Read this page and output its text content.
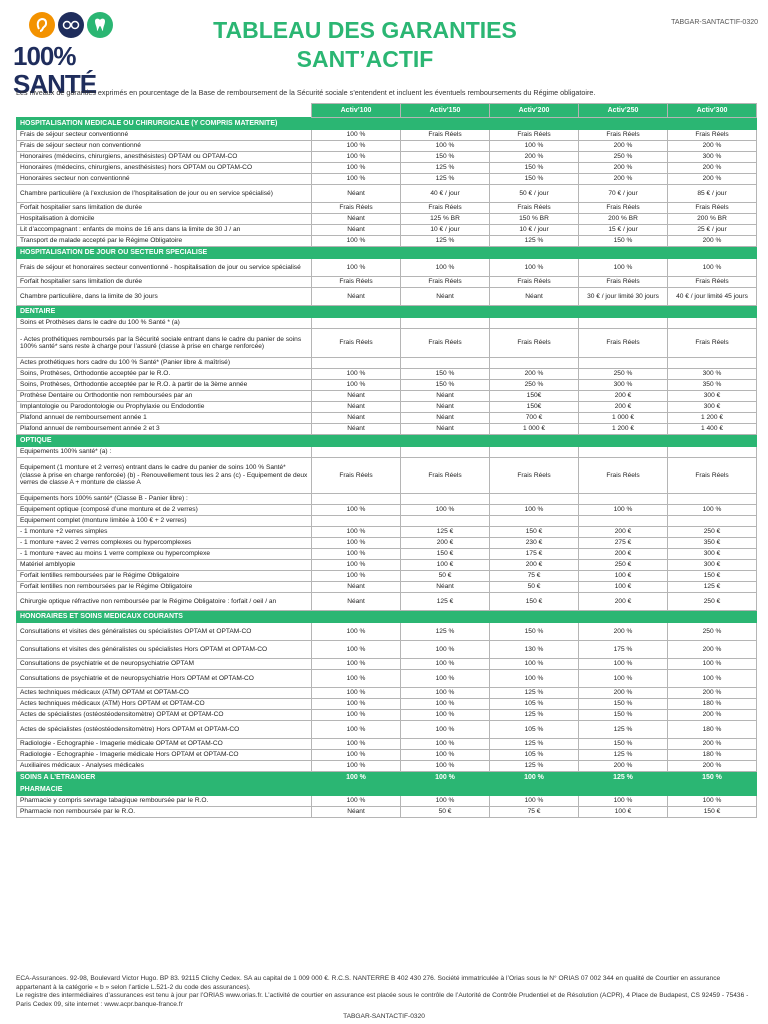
100% SANTÉ
TABLEAU DES GARANTIES
SANT’ACTIF
TABGAR-SANTACTIF-0320
Les niveaux de garanties exprimés en pourcentage de la Base de remboursement de la Sécurité sociale s’entendent et incluent les éventuels remboursements du Régime obligatoire.
	Activ’100	Activ’150	Activ’200	Activ’250	Activ’300
HOSPITALISATION MEDICALE OU CHIRURGICALE (Y COMPRIS MATERNITE)					
Frais de séjour secteur conventionné	100 %	Frais Réels	Frais Réels	Frais Réels	Frais Réels
Frais de séjour secteur non conventionné	100 %	100 %	100 %	200 %	200 %
Honoraires (médecins, chirurgiens, anesthésistes) OPTAM ou OPTAM-CO	100 %	150 %	200 %	250 %	300 %
Honoraires (médecins, chirurgiens, anesthésistes) hors OPTAM ou OPTAM-CO	100 %	125 %	150 %	200 %	200 %
Honoraires secteur non conventionné	100 %	125 %	150 %	200 %	200 %
Chambre particulière (à l’exclusion de l’hospitalisation de jour ou en service spécialisé)	Néant	40 € / jour	50 € / jour	70 € / jour	85 € / jour
Forfait hospitalier sans limitation de durée	Frais Réels	Frais Réels	Frais Réels	Frais Réels	Frais Réels
Hospitalisation à domicile	Néant	125 % BR	150 % BR	200 % BR	200 % BR
Lit d’accompagnant : enfants de moins de 16 ans dans la limite de 30 J / an	Néant	10 € / jour	10 € / jour	15 € / jour	25 € / jour
Transport de malade accepté par le Régime Obligatoire	100 %	125 %	125 %	150 %	200 %
HOSPITALISATION DE JOUR OU SECTEUR SPECIALISE					
Frais de séjour et honoraires secteur conventionné - hospitalisation de jour ou service spécialisé	100 %	100 %	100 %	100 %	100 %
Forfait hospitalier sans limitation de durée	Frais Réels	Frais Réels	Frais Réels	Frais Réels	Frais Réels
Chambre particulière, dans la limite de 30 jours	Néant	Néant	Néant	30 € / jour limité 30 jours	40 € / jour limité 45 jours
DENTAIRE					
Soins et Prothèses dans le cadre du 100 % Santé * (a)					
- Actes prothétiques remboursés par la Sécurité sociale entrant dans le cadre du panier de soins 100% santé* sans reste à charge pour l’assuré (classe à prise en charge renforcée)	Frais Réels	Frais Réels	Frais Réels	Frais Réels	Frais Réels
Actes prothétiques hors cadre du 100 % Santé* (Panier libre & maîtrisé)					
Soins, Prothèses, Orthodontie acceptée par le R.O.	100 %	150 %	200 %	250 %	300 %
Soins, Prothèses, Orthodontie acceptée par le R.O. à partir de la 3ème année	100 %	150 %	250 %	300 %	350 %
Prothèse Dentaire ou Orthodontie non remboursées par an	Néant	Néant	150€	200 €	300 €
Implantologie ou Parodontologie ou Prophylaxie ou Endodontie	Néant	Néant	150€	200 €	300 €
Plafond annuel de remboursement année 1	Néant	Néant	700 €	1 000 €	1 200 €
Plafond annuel de remboursement année 2 et 3	Néant	Néant	1 000 €	1 200 €	1 400 €
OPTIQUE					
Equipements 100% santé* (a) :					
Equipement (1 monture et 2 verres) entrant dans le cadre du panier de soins 100 % Santé* (classe à prise en charge renforcée) (b) - Renouvellement tous les 2 ans (c) - Equipement de deux verres de classe A + monture de classe A	Frais Réels	Frais Réels	Frais Réels	Frais Réels	Frais Réels
Equipements hors 100% santé* (Classe B - Panier libre) :					
Equipement optique (composé d’une monture et de 2 verres)	100 %	100 %	100 %	100 %	100 %
Equipement complet (monture limitée à 100 € + 2 verres)					
- 1 monture +2 verres simples	100 %	125 €	150 €	200 €	250 €
- 1 monture +avec 2 verres complexes ou hypercomplexes	100 %	200 €	230 €	275 €	350 €
- 1 monture +avec au moins 1 verre complexe ou hypercomplexe	100 %	150 €	175 €	200 €	300 €
Matériel amblyopie	100 %	100 €	200 €	250 €	300 €
Forfait lentilles remboursées par le Régime Obligatoire	100 %	50 €	75 €	100 €	150 €
Forfait lentilles non remboursées par le Régime Obligatoire	Néant	Néant	50 €	100 €	125 €
Chirurgie optique réfractive non remboursée par le Régime Obligatoire : forfait / oeil / an	Néant	125 €	150 €	200 €	250 €
HONORAIRES ET SOINS MEDICAUX COURANTS					
Consultations et visites des généralistes ou spécialistes OPTAM et OPTAM-CO	100 %	125 %	150 %	200 %	250 %
Consultations et visites des généralistes ou spécialistes Hors OPTAM et OPTAM-CO	100 %	100 %	130 %	175 %	200 %
Consultations de psychiatrie et de neuropsychiatrie OPTAM	100 %	100 %	100 %	100 %	100 %
Consultations de psychiatrie et de neuropsychiatrie Hors OPTAM et OPTAM-CO	100 %	100 %	100 %	100 %	100 %
Actes techniques médicaux (ATM) OPTAM et OPTAM-CO	100 %	100 %	125 %	200 %	200 %
Actes techniques médicaux (ATM) Hors OPTAM et OPTAM-CO	100 %	100 %	105 %	150 %	180 %
Actes de spécialistes (ostéostéodensitomètre) OPTAM et OPTAM-CO	100 %	100 %	125 %	150 %	200 %
Actes de spécialistes (ostéostéodensitomètre) Hors OPTAM et OPTAM-CO	100 %	100 %	105 %	125 %	180 %
Radiologie - Echographie - Imagerie médicale OPTAM et OPTAM-CO	100 %	100 %	125 %	150 %	200 %
Radiologie - Echographie - Imagerie médicale Hors OPTAM et OPTAM-CO	100 %	100 %	105 %	125 %	180 %
Auxiliaires médicaux - Analyses médicales	100 %	100 %	125 %	200 %	200 %
SOINS A L’ETRANGER	100 %	100 %	100 %	125 %	150 %
PHARMACIE					
Pharmacie y compris sevrage tabagique remboursée par le R.O.	100 %	100 %	100 %	100 %	100 %
Pharmacie non remboursée par le R.O.	Néant	50 €	75 €	100 €	150 €
ECA-Assurances. 92-98, Boulevard Victor Hugo. BP 83. 92115 Clichy Cedex. SA au capital de 1 009 000 €. R.C.S. NANTERRE B 402 430 276. Société immatriculée à l’Orias sous le N° ORIAS 07 002 344 en qualité de Courtier en assurance appartenant à la catégorie « b » selon l’article L.521-2 du code des assurances).
Le registre des intermédiaires d’assurances est tenu à jour par l’ORIAS www.orias.fr. L’activité de courtier en assurance est placée sous le contrôle de l’Autorité de Contrôle Prudentiel et de Résolution (ACPR), 4 Place de Budapest, CS 92459 - 75436 - Paris Cedex 09, site internet : www.acpr.banque-france.fr
TABGAR-SANTACTIF-0320
